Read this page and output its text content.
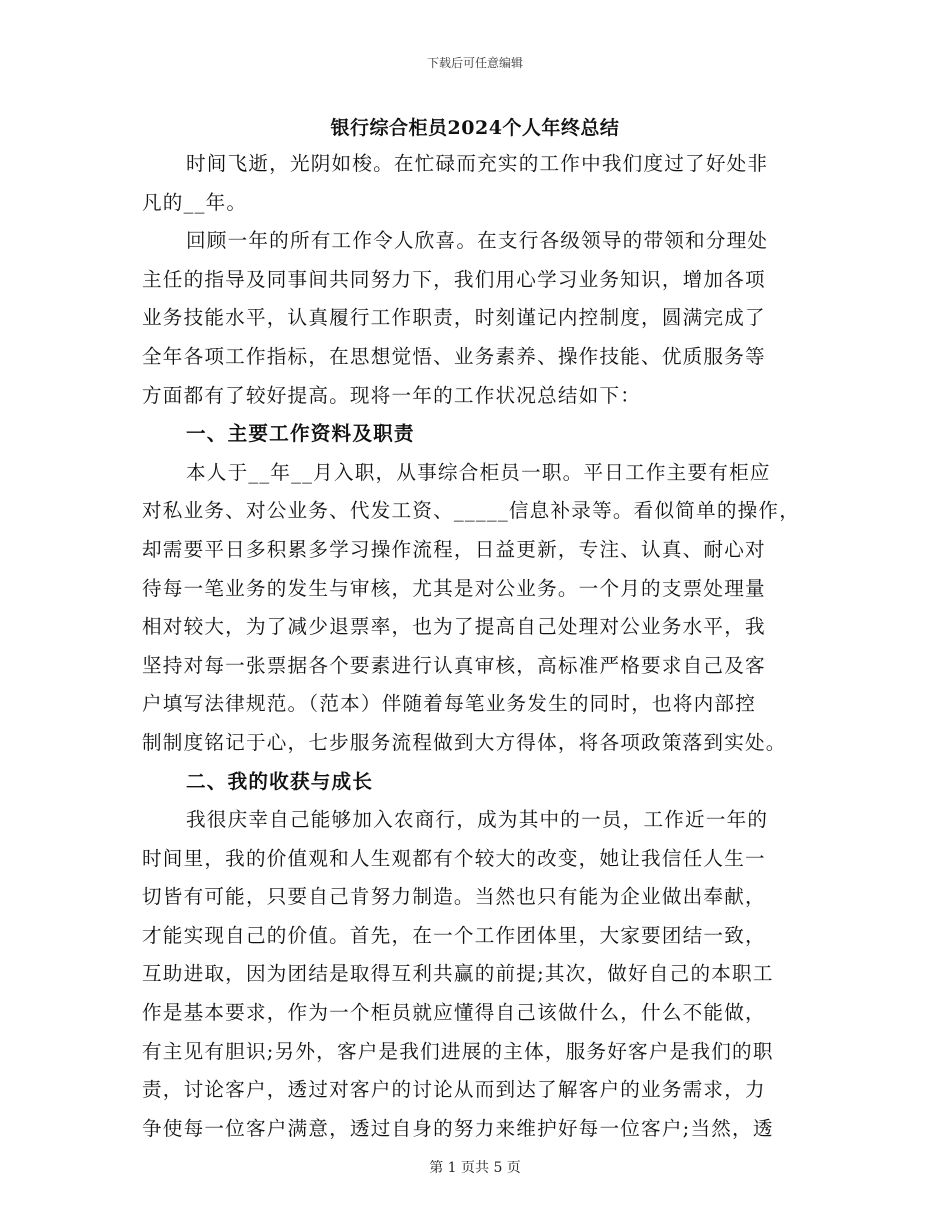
下载后可任意编辑
银行综合柜员2024个人年终总结
时间飞逝，光阴如梭。在忙碌而充实的工作中我们度过了好处非
凡的__年。
回顾一年的所有工作令人欣喜。在支行各级领导的带领和分理处
主任的指导及同事间共同努力下，我们用心学习业务知识，增加各项
业务技能水平，认真履行工作职责，时刻谨记内控制度，圆满完成了
全年各项工作指标，在思想觉悟、业务素养、操作技能、优质服务等
方面都有了较好提高。现将一年的工作状况总结如下：
一、主要工作资料及职责
本人于__年__月入职，从事综合柜员一职。平日工作主要有柜应
对私业务、对公业务、代发工资、_____信息补录等。看似简单的操作，
却需要平日多积累多学习操作流程，日益更新，专注、认真、耐心对
待每一笔业务的发生与审核，尤其是对公业务。一个月的支票处理量
相对较大，为了减少退票率，也为了提高自己处理对公业务水平，我
坚持对每一张票据各个要素进行认真审核，高标准严格要求自己及客
户填写法律规范。（范本）伴随着每笔业务发生的同时，也将内部控
制制度铭记于心，七步服务流程做到大方得体，将各项政策落到实处。
二、我的收获与成长
我很庆幸自己能够加入农商行，成为其中的一员，工作近一年的
时间里，我的价值观和人生观都有个较大的改变，她让我信任人生一
切皆有可能，只要自己肯努力制造。当然也只有能为企业做出奉献，
才能实现自己的价值。首先，在一个工作团体里，大家要团结一致，
互助进取，因为团结是取得互利共赢的前提;其次，做好自己的本职工
作是基本要求，作为一个柜员就应懂得自己该做什么，什么不能做，
有主见有胆识;另外，客户是我们进展的主体，服务好客户是我们的职
责，讨论客户，透过对客户的讨论从而到达了解客户的业务需求，力
争使每一位客户满意，透过自身的努力来维护好每一位客户;当然，透
第 1 页共 5 页
